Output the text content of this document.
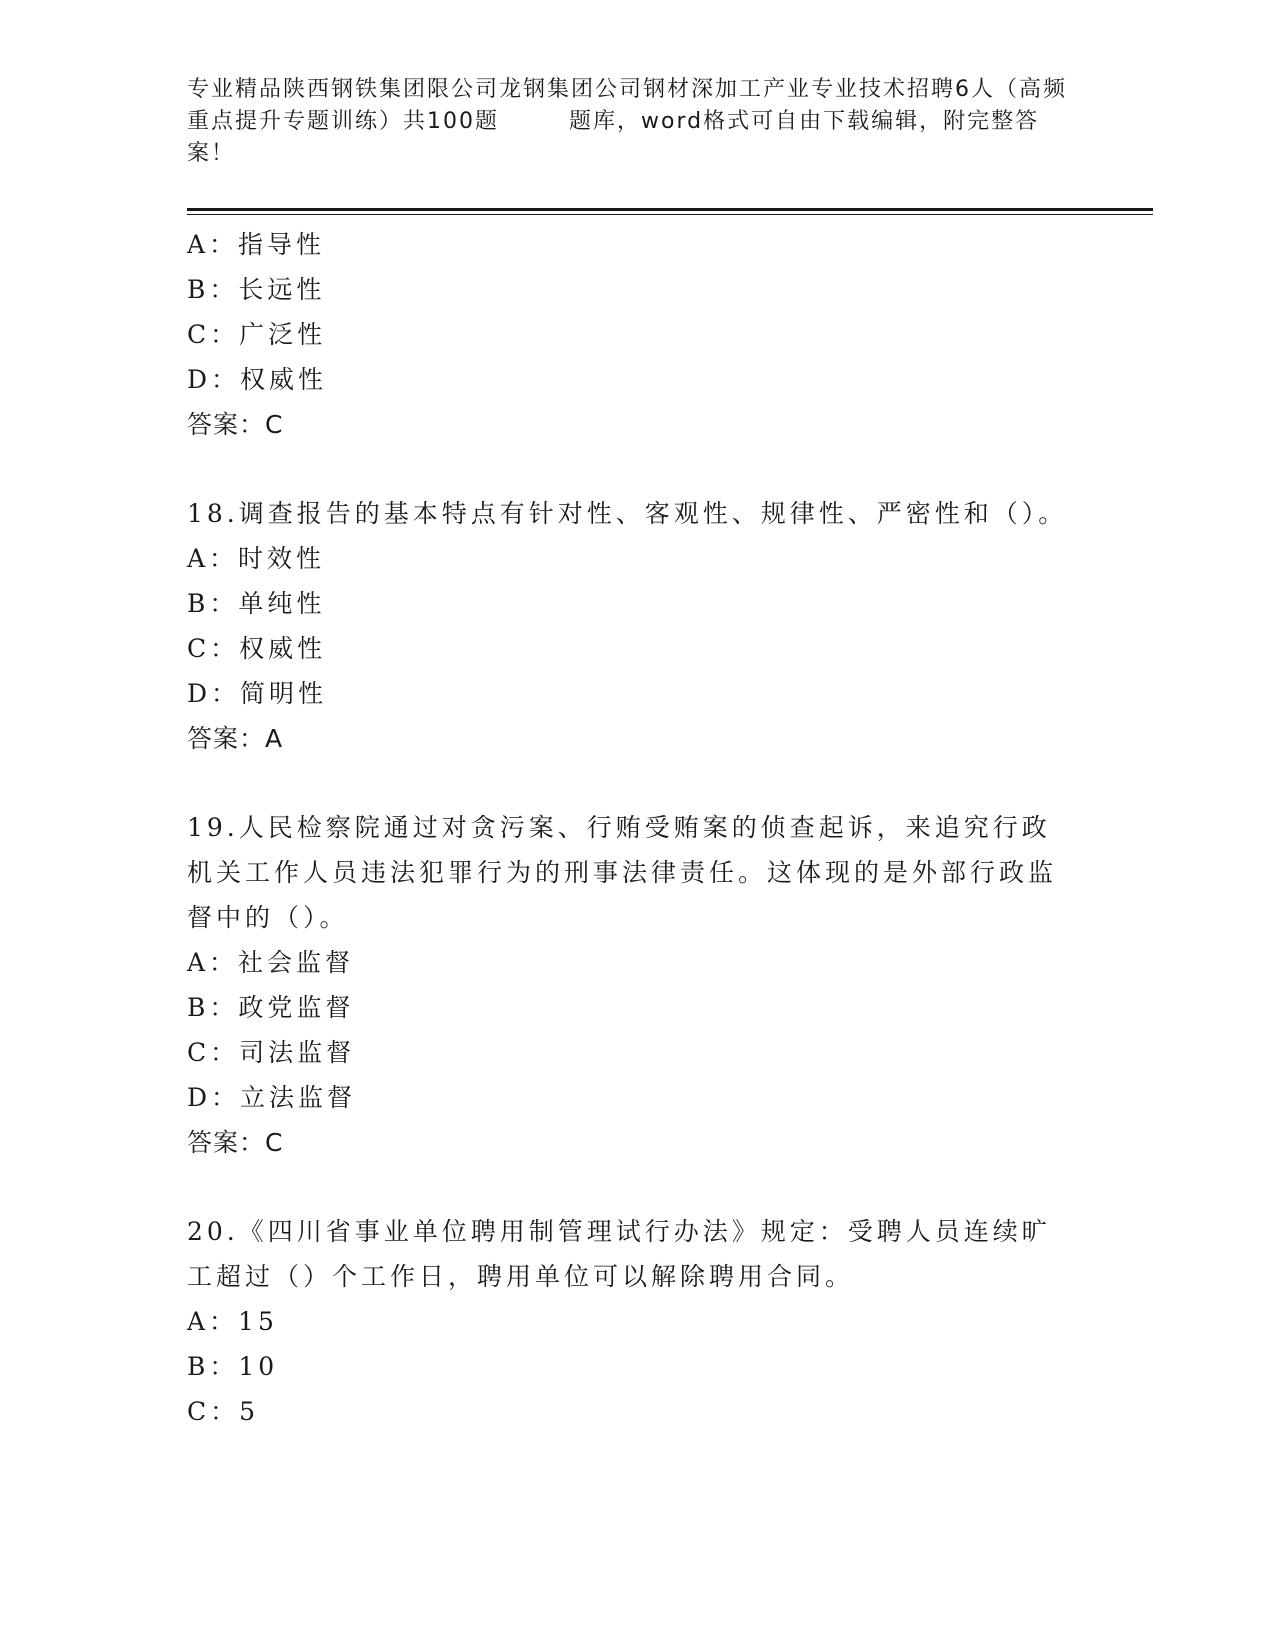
专业精品陕西钢铁集团限公司龙钢集团公司钢材深加工产业专业技术招聘6人（高频重点提升专题训练）共100题	题库，word格式可自由下载编辑，附完整答案！
A：指导性
B：长远性
C：广泛性
D：权威性
答案：C
18.调查报告的基本特点有针对性、客观性、规律性、严密性和（）。
A：时效性
B：单纯性
C：权威性
D：简明性
答案：A
19.人民检察院通过对贪污案、行贿受贿案的侦查起诉，来追究行政机关工作人员违法犯罪行为的刑事法律责任。这体现的是外部行政监督中的（）。
A：社会监督
B：政党监督
C：司法监督
D：立法监督
答案：C
20.《四川省事业单位聘用制管理试行办法》规定：受聘人员连续旷工超过（）个工作日，聘用单位可以解除聘用合同。
A：15
B：10
C：5
